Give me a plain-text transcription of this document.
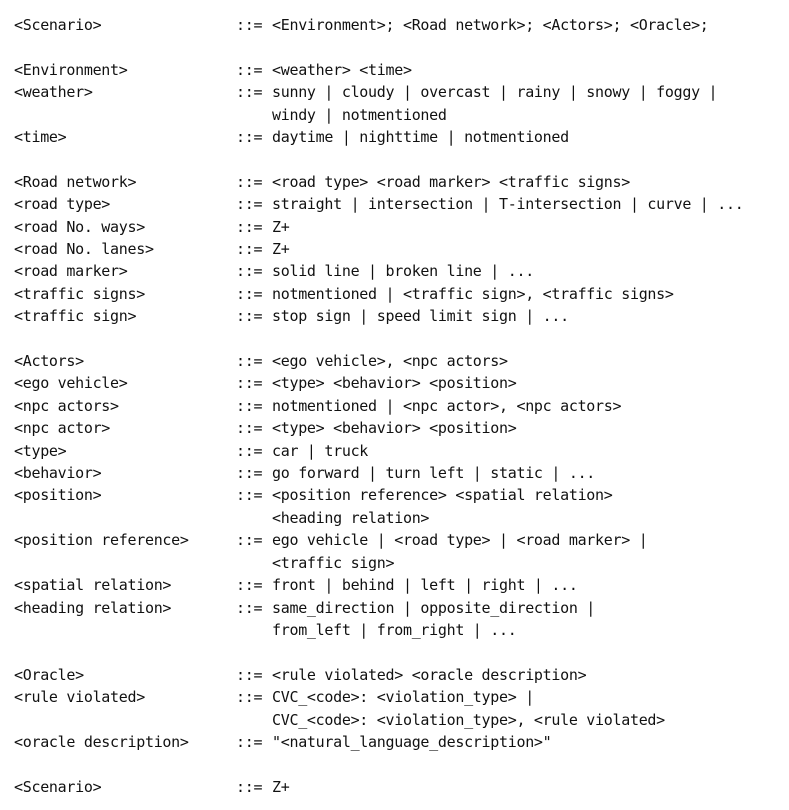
<Scenario>	::= <Environment>; <Road network>; <Actors>; <Oracle>;
<Environment>	::= <weather> <time>
<weather>	::= sunny | cloudy | overcast | rainy | snowy | foggy |
windy | notmentioned
<time>	::= daytime | nighttime | notmentioned
<Road network>	::= <road type> <road marker> <traffic signs>
<road type>	::= straight | intersection | T-intersection | curve | ...
<road No. ways>	::= Z+
<road No. lanes>	::= Z+
<road marker>	::= solid line | broken line | ...
<traffic signs>	::= notmentioned | <traffic sign>, <traffic signs>
<traffic sign>	::= stop sign | speed limit sign | ...
<Actors>	::= <ego vehicle>, <npc actors>
<ego vehicle>	::= <type> <behavior> <position>
<npc actors>	::= notmentioned | <npc actor>, <npc actors>
<npc actor>	::= <type> <behavior> <position>
<type>	::= car | truck
<behavior>	::= go forward | turn left | static | ...
<position>	::= <position reference> <spatial relation>
<heading relation>
<position reference>	::= ego vehicle | <road type> | <road marker> |
<traffic sign>
<spatial relation>	::= front | behind | left | right | ...
<heading relation>	::= same_direction | opposite_direction |
from_left | from_right | ...
<Oracle>	::= <rule violated> <oracle description>
<rule violated>	::= CVC_<code>: <violation_type> |
CVC_<code>: <violation_type>, <rule violated>
<oracle description>	::= "<natural_language_description>"
<Scenario>	::= Z+
